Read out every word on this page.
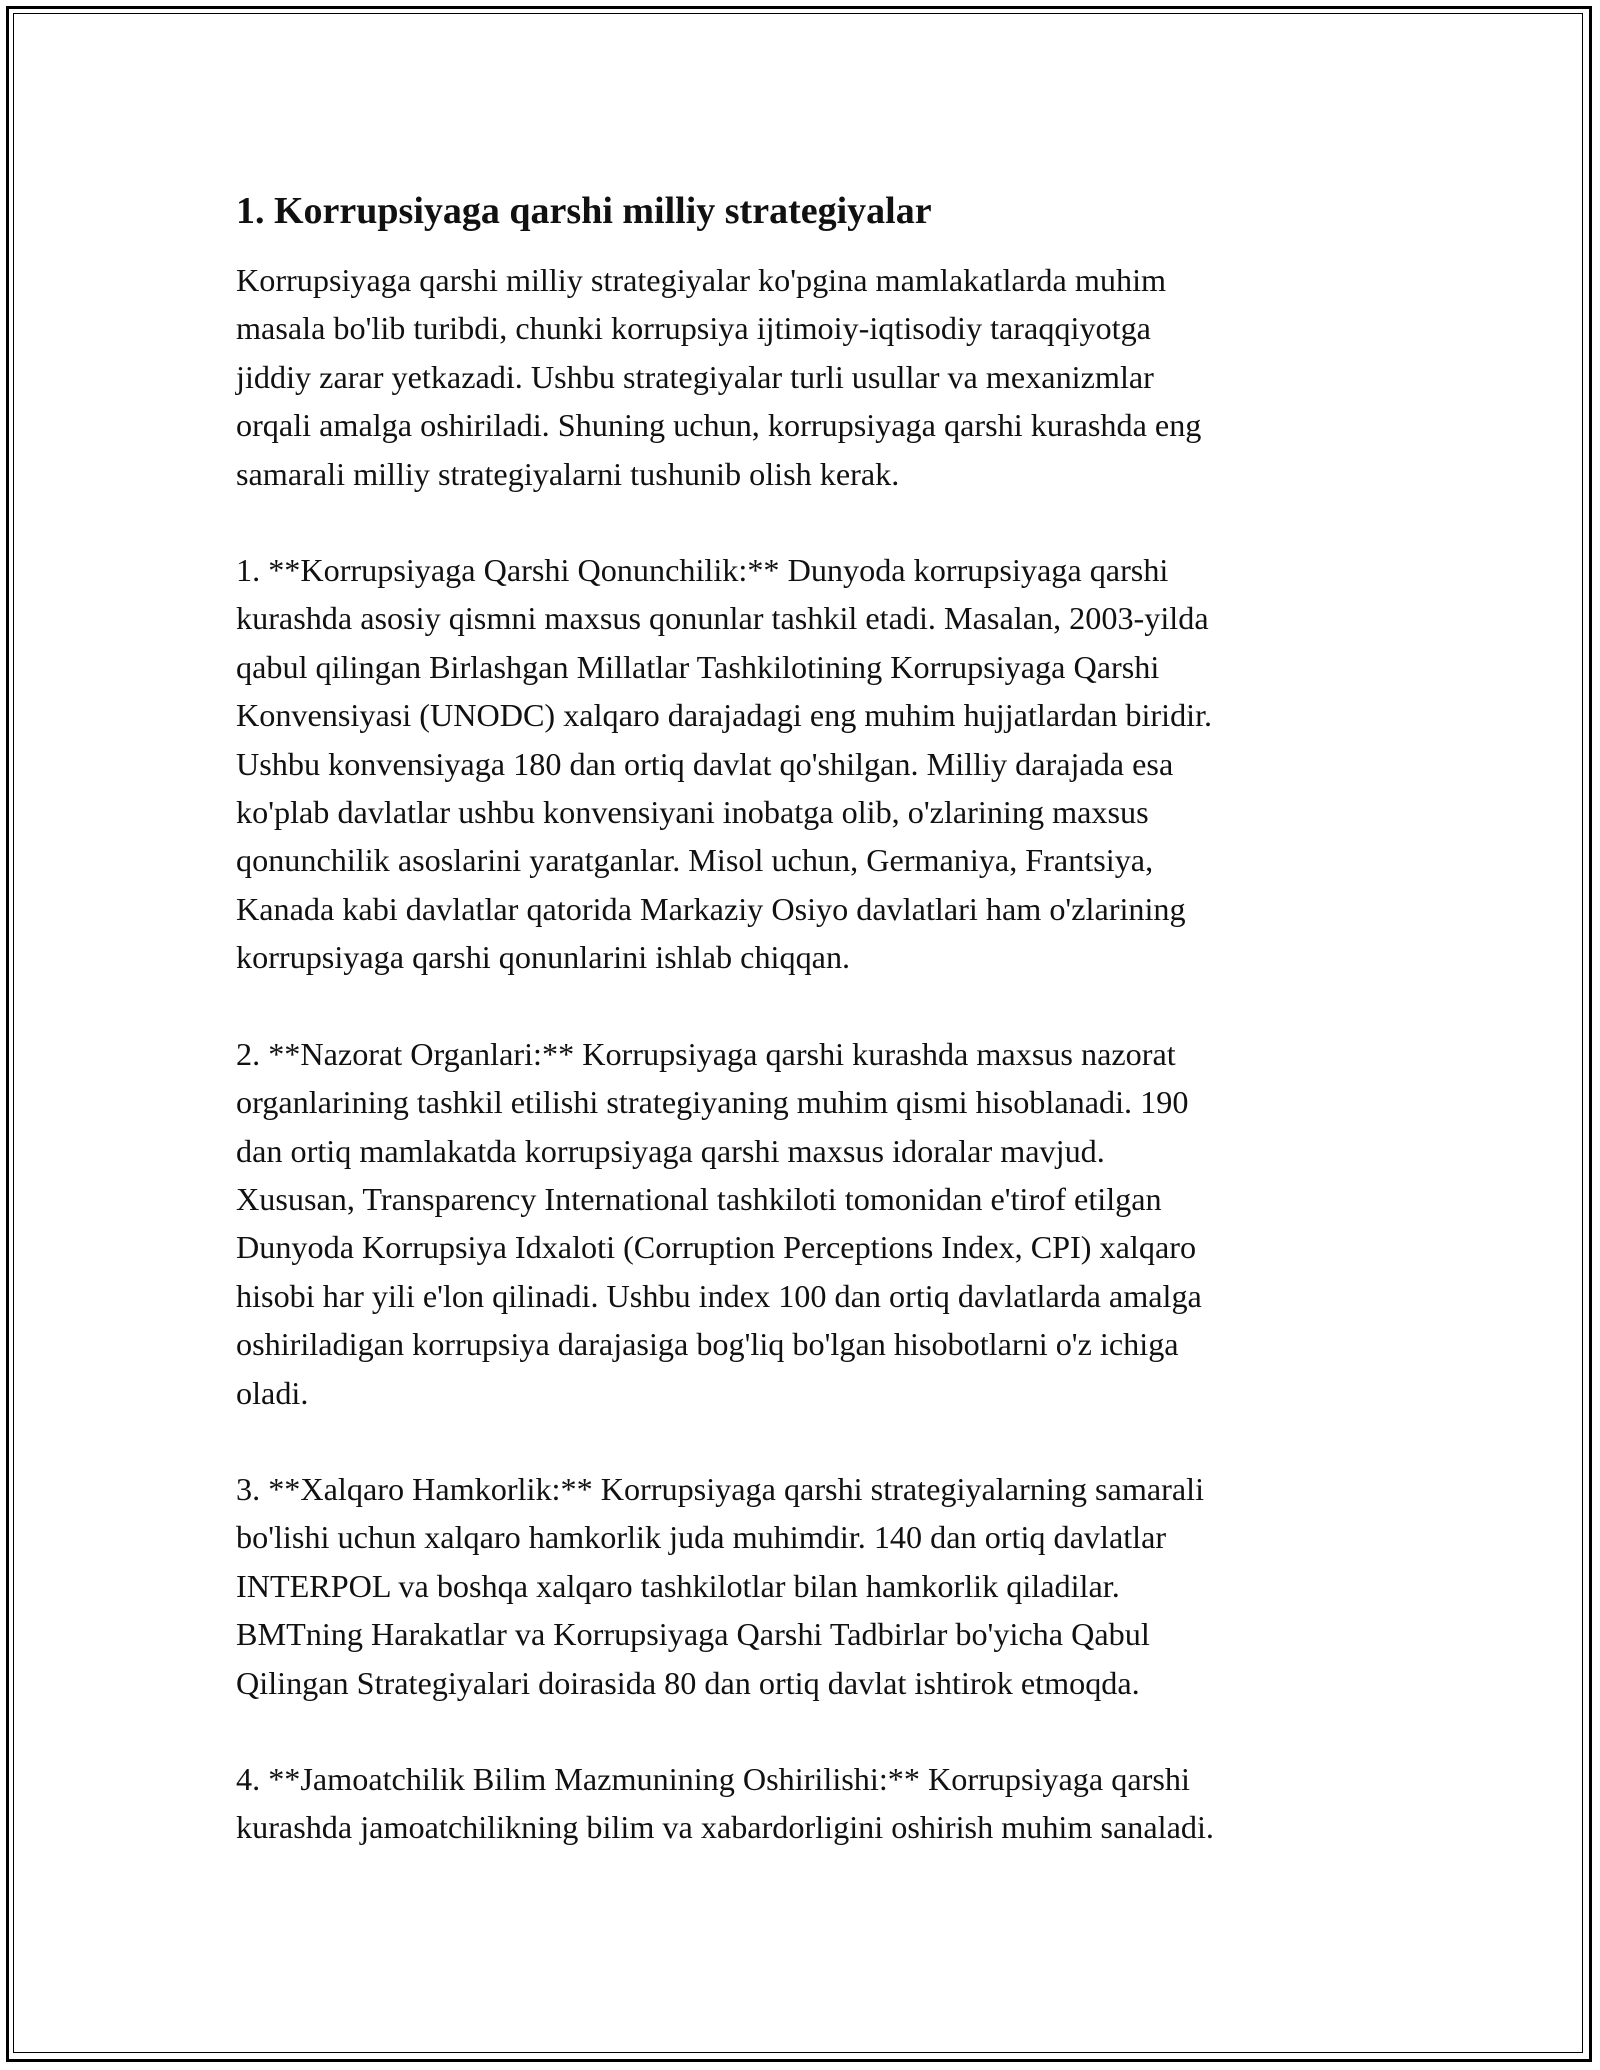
1. Korrupsiyaga qarshi milliy strategiyalar

Korrupsiyaga qarshi milliy strategiyalar ko'pgina mamlakatlarda muhim
masala bo'lib turibdi, chunki korrupsiya ijtimoiy-iqtisodiy taraqqiyotga
jiddiy zarar yetkazadi. Ushbu strategiyalar turli usullar va mexanizmlar
orqali amalga oshiriladi. Shuning uchun, korrupsiyaga qarshi kurashda eng
samarali milliy strategiyalarni tushunib olish kerak.

1. **Korrupsiyaga Qarshi Qonunchilik:** Dunyoda korrupsiyaga qarshi
kurashda asosiy qismni maxsus qonunlar tashkil etadi. Masalan, 2003-yilda
qabul qilingan Birlashgan Millatlar Tashkilotining Korrupsiyaga Qarshi
Konvensiyasi (UNODC) xalqaro darajadagi eng muhim hujjatlardan biridir.
Ushbu konvensiyaga 180 dan ortiq davlat qo'shilgan. Milliy darajada esa
ko'plab davlatlar ushbu konvensiyani inobatga olib, o'zlarining maxsus
qonunchilik asoslarini yaratganlar. Misol uchun, Germaniya, Frantsiya,
Kanada kabi davlatlar qatorida Markaziy Osiyo davlatlari ham o'zlarining
korrupsiyaga qarshi qonunlarini ishlab chiqqan.

2. **Nazorat Organlari:** Korrupsiyaga qarshi kurashda maxsus nazorat
organlarining tashkil etilishi strategiyaning muhim qismi hisoblanadi. 190
dan ortiq mamlakatda korrupsiyaga qarshi maxsus idoralar mavjud.
Xususan, Transparency International tashkiloti tomonidan e'tirof etilgan
Dunyoda Korrupsiya Idxaloti (Corruption Perceptions Index, CPI) xalqaro
hisobi har yili e'lon qilinadi. Ushbu index 100 dan ortiq davlatlarda amalga
oshiriladigan korrupsiya darajasiga bog'liq bo'lgan hisobotlarni o'z ichiga
oladi.

3. **Xalqaro Hamkorlik:** Korrupsiyaga qarshi strategiyalarning samarali
bo'lishi uchun xalqaro hamkorlik juda muhimdir. 140 dan ortiq davlatlar
INTERPOL va boshqa xalqaro tashkilotlar bilan hamkorlik qiladilar.
BMTning Harakatlar va Korrupsiyaga Qarshi Tadbirlar bo'yicha Qabul
Qilingan Strategiyalari doirasida 80 dan ortiq davlat ishtirok etmoqda.

4. **Jamoatchilik Bilim Mazmunining Oshirilishi:** Korrupsiyaga qarshi
kurashda jamoatchilikning bilim va xabardorligini oshirish muhim sanaladi.
